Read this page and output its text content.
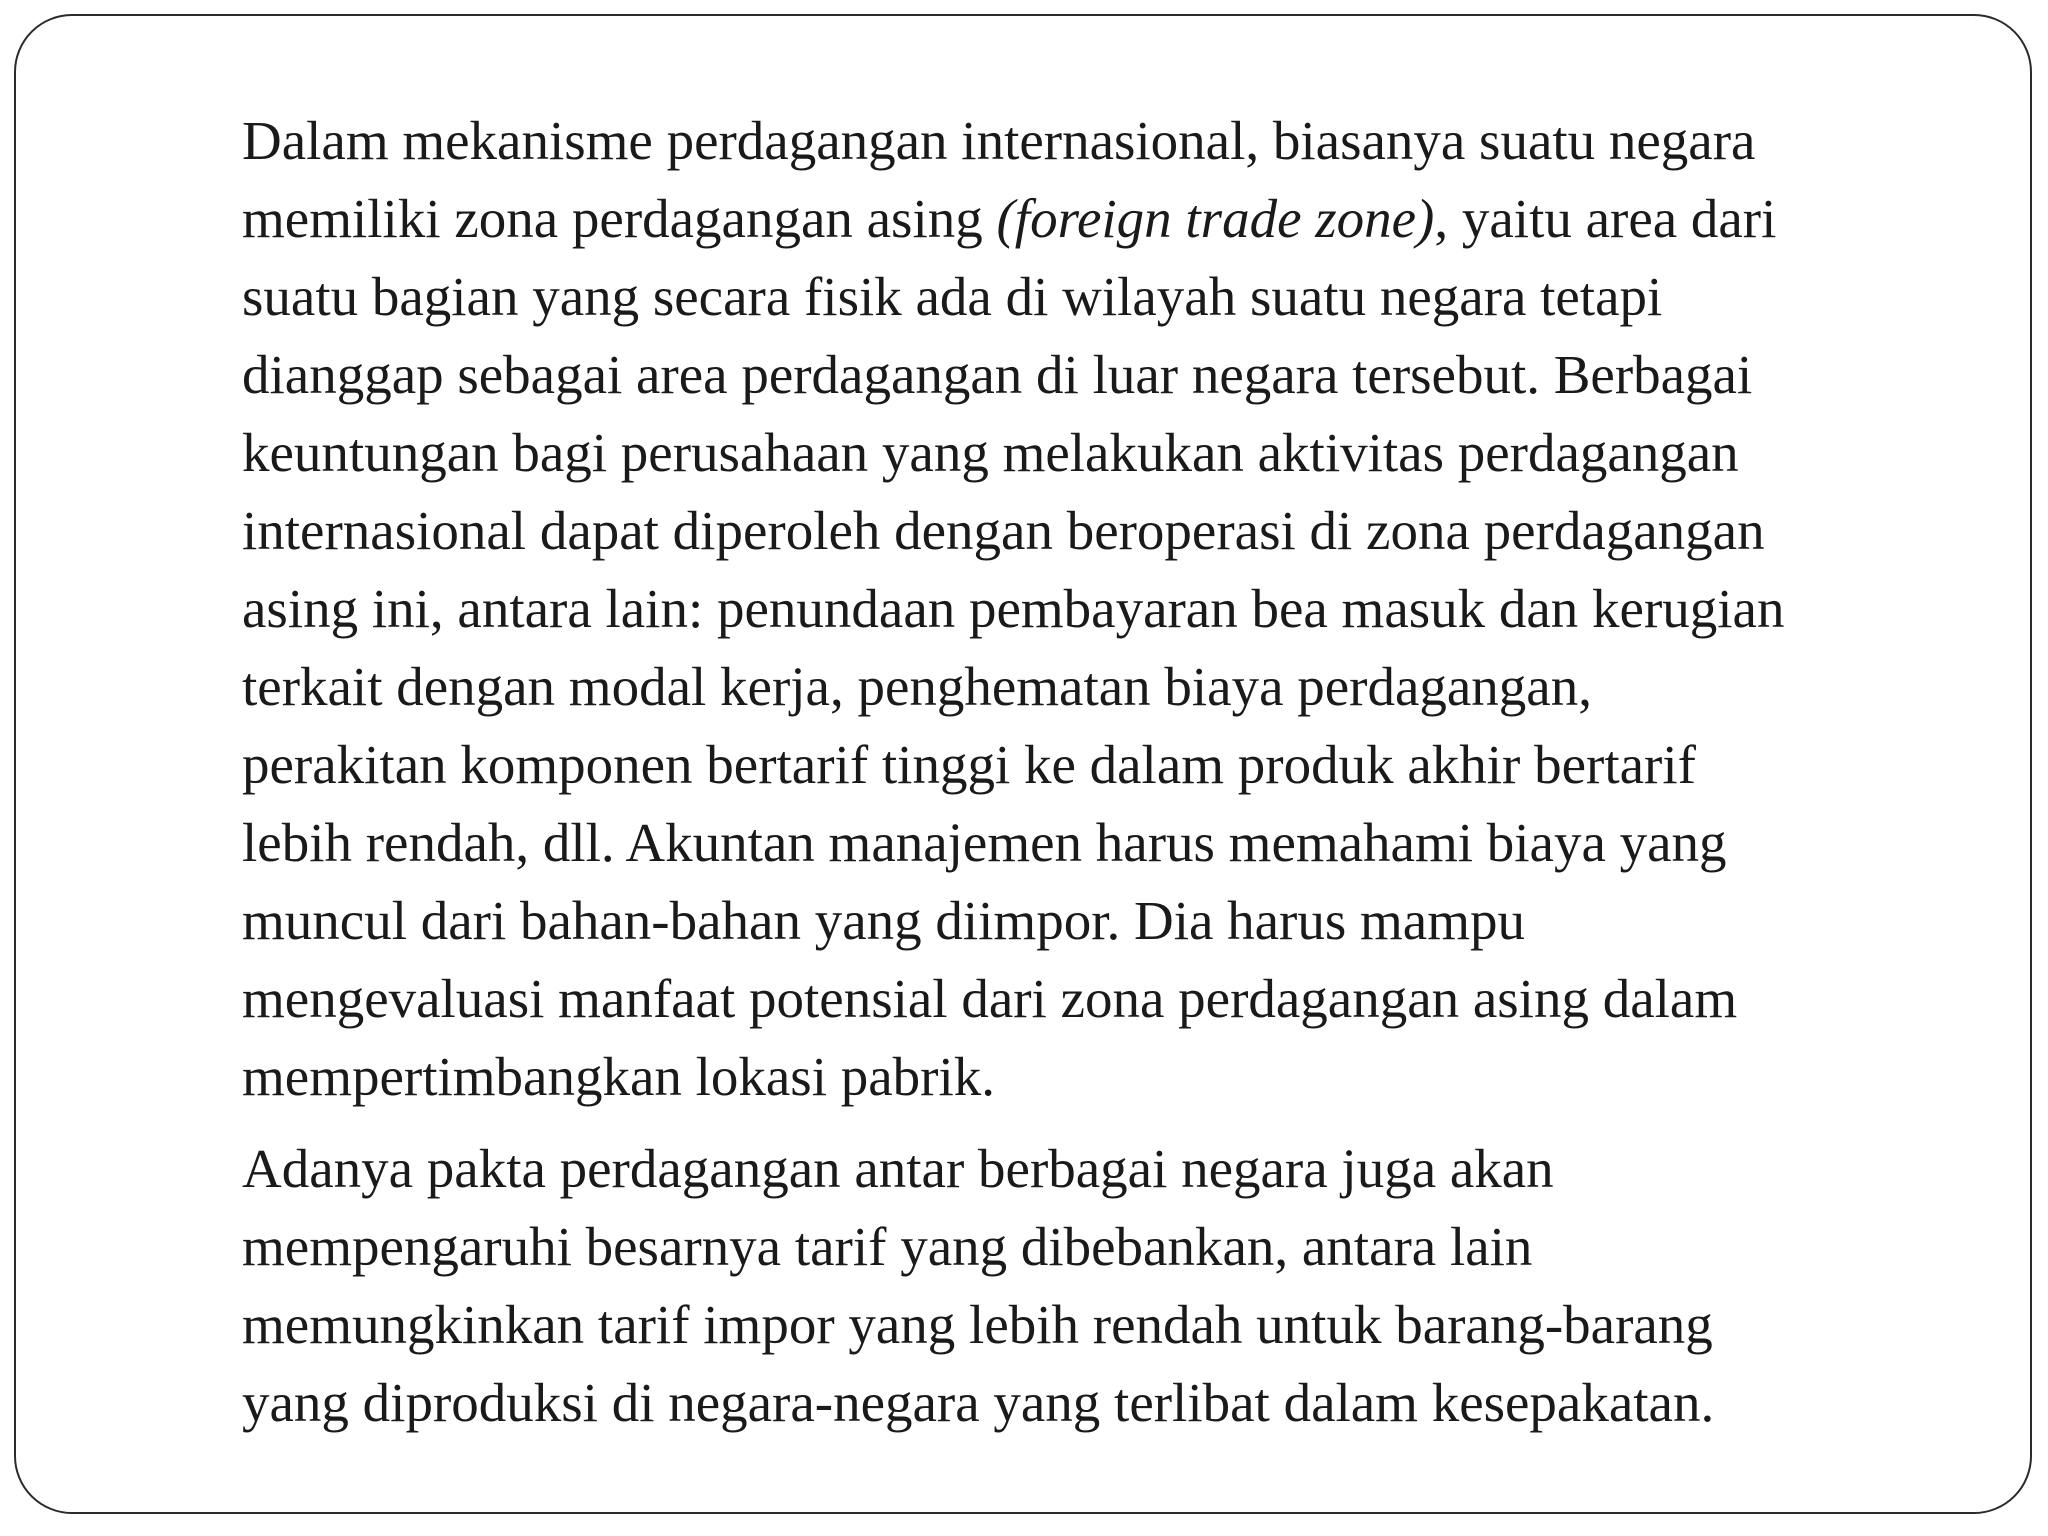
Dalam mekanisme perdagangan internasional, biasanya suatu negara
memiliki zona perdagangan asing (foreign trade zone), yaitu area dari
suatu bagian yang secara fisik ada di wilayah suatu negara tetapi
dianggap sebagai area perdagangan di luar negara tersebut. Berbagai
keuntungan bagi perusahaan yang melakukan aktivitas perdagangan
internasional dapat diperoleh dengan beroperasi di zona perdagangan
asing ini, antara lain: penundaan pembayaran bea masuk dan kerugian
terkait dengan modal kerja, penghematan biaya perdagangan,
perakitan komponen bertarif tinggi ke dalam produk akhir bertarif
lebih rendah, dll. Akuntan manajemen harus memahami biaya yang
muncul dari bahan-bahan yang diimpor. Dia harus mampu
mengevaluasi manfaat potensial dari zona perdagangan asing dalam
mempertimbangkan lokasi pabrik.

Adanya pakta perdagangan antar berbagai negara juga akan
mempengaruhi besarnya tarif yang dibebankan, antara lain
memungkinkan tarif impor yang lebih rendah untuk barang-barang
yang diproduksi di negara-negara yang terlibat dalam kesepakatan.
